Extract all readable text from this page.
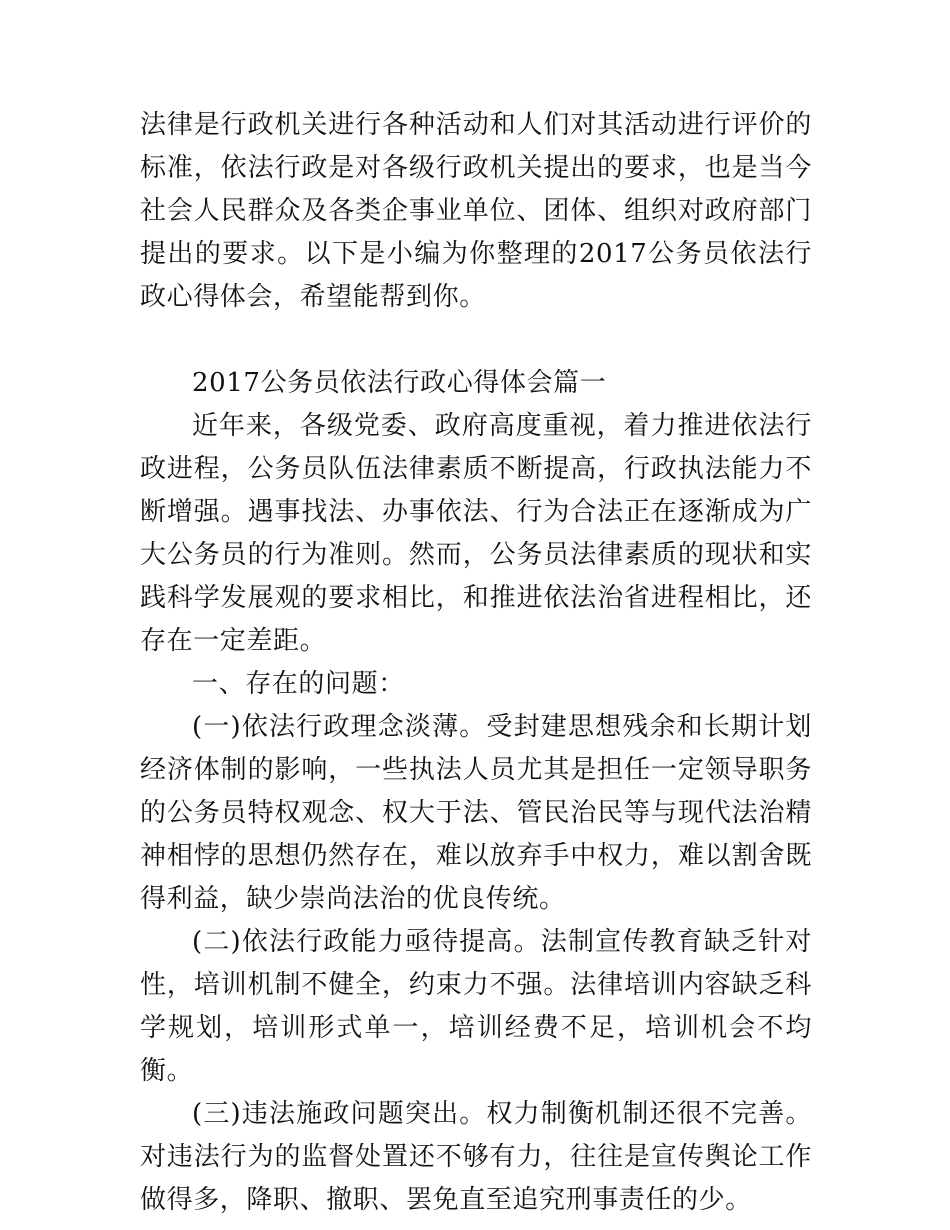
法律是行政机关进行各种活动和人们对其活动进行评价的标准，依法行政是对各级行政机关提出的要求，也是当今社会人民群众及各类企事业单位、团体、组织对政府部门提出的要求。以下是小编为你整理的2017公务员依法行政心得体会，希望能帮到你。

2017公务员依法行政心得体会篇一

近年来，各级党委、政府高度重视，着力推进依法行政进程，公务员队伍法律素质不断提高，行政执法能力不断增强。遇事找法、办事依法、行为合法正在逐渐成为广大公务员的行为准则。然而，公务员法律素质的现状和实践科学发展观的要求相比，和推进依法治省进程相比，还存在一定差距。

一、存在的问题：

(一)依法行政理念淡薄。受封建思想残余和长期计划经济体制的影响，一些执法人员尤其是担任一定领导职务的公务员特权观念、权大于法、管民治民等与现代法治精神相悖的思想仍然存在，难以放弃手中权力，难以割舍既得利益，缺少崇尚法治的优良传统。

(二)依法行政能力亟待提高。法制宣传教育缺乏针对性，培训机制不健全，约束力不强。法律培训内容缺乏科学规划，培训形式单一，培训经费不足，培训机会不均衡。

(三)违法施政问题突出。权力制衡机制还很不完善。对违法行为的监督处置还不够有力，往往是宣传舆论工作做得多，降职、撤职、罢免直至追究刑事责任的少。
